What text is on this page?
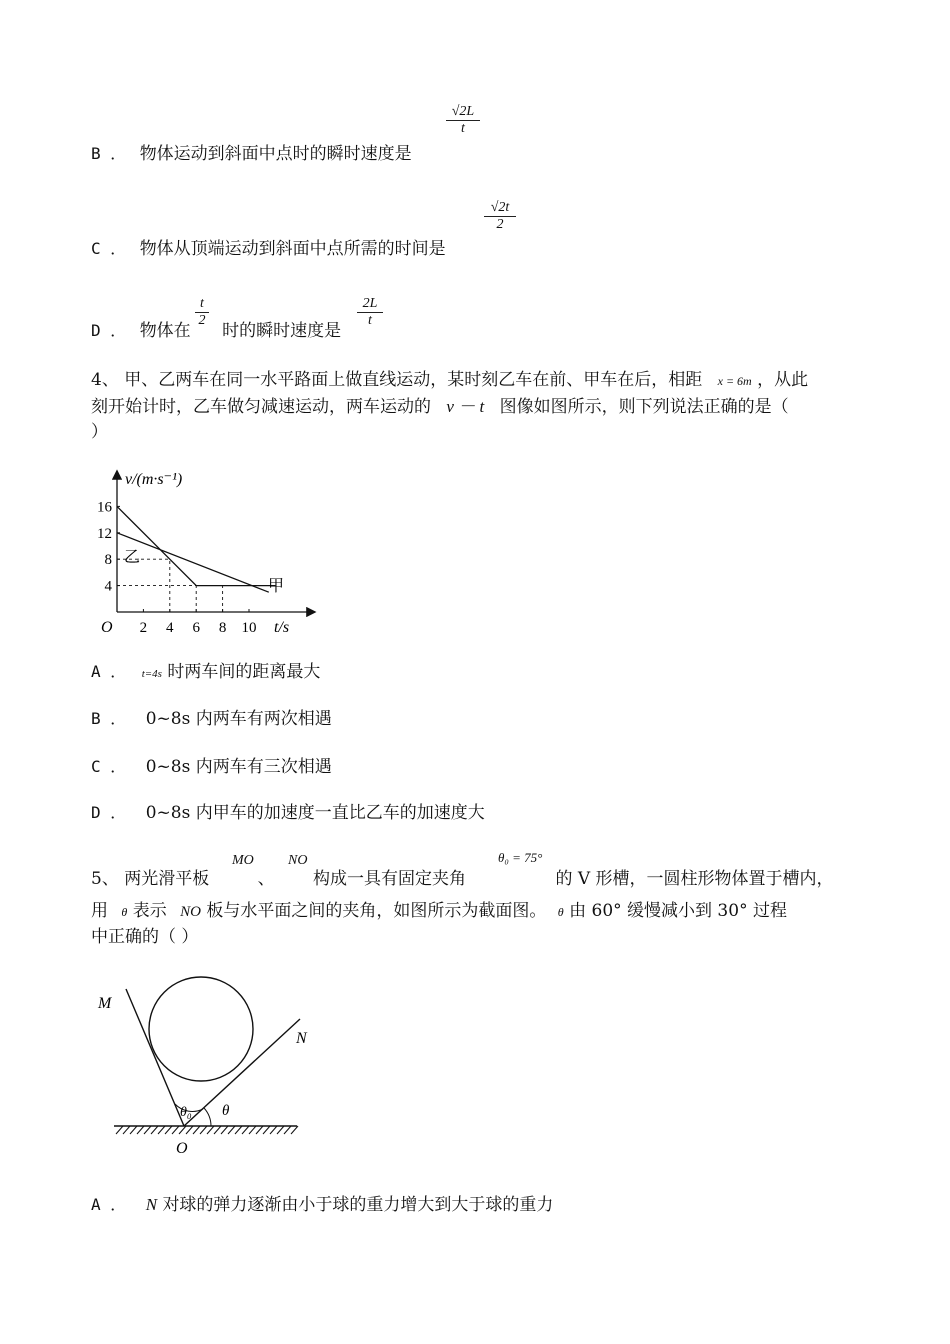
B ． 物体运动到斜面中点时的瞬时速度是
$\frac{√2L}{t}$
C ． 物体从顶端运动到斜面中点所需的时间是
$\frac{√2t}{2}$
D ． 物体在 时的瞬时速度是
$\frac{t}{2}$	$\frac{2L}{t}$
4、 甲、乙两车在同一水平路面上做直线运动，某时刻乙车在前、甲车在后，相距 x = 6m ，从此
刻开始计时，乙车做匀减速运动，两车运动的 v － t 图像如图所示，则下列说法正确的是（
）
2 4 6 8 10
16
12
8
4
v/(m·s⁻¹)
t/s
O
甲
乙
A ． t=4s 时两车间的距离最大
B ． 0~8s 内两车有两次相遇
C ． 0~8s 内两车有三次相遇
D ． 0~8s 内甲车的加速度一直比乙车的加速度大
MO NO	θ₀ = 75°
5、 两光滑平板	、 构成一具有固定夹角	的 V 形槽，一圆柱形物体置于槽内，
用 θ 表示 NO 板与水平面之间的夹角，如图所示为截面图。 θ 由 60° 缓慢减小到 30° 过程
中正确的（ ）
M
N
O
θ₀ θ
A ． N 对球的弹力逐渐由小于球的重力增大到大于球的重力
